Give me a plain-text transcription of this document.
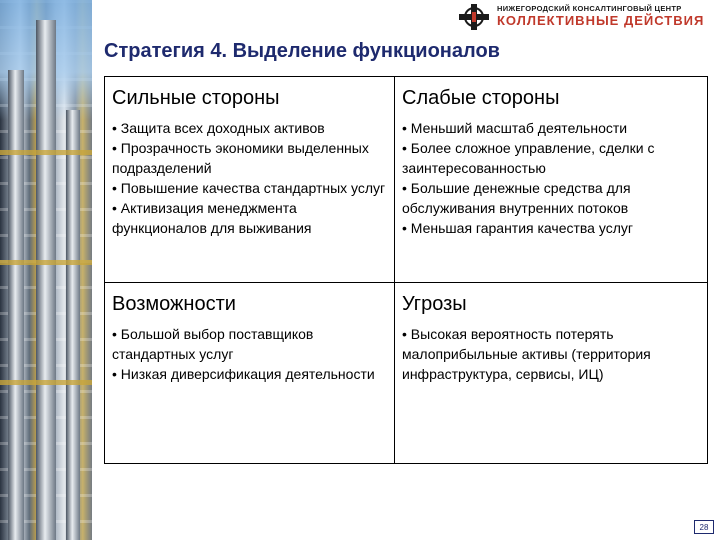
НИЖЕГОРОДСКИЙ КОНСАЛТИНГОВЫЙ ЦЕНТР
КОЛЛЕКТИВНЫЕ ДЕЙСТВИЯ
Стратегия 4. Выделение функционалов
Сильные стороны

• Защита всех доходных активов

• Прозрачность экономики выделенных подразделений

• Повышение качества стандартных услуг

• Активизация менеджмента функционалов для выживания

Слабые стороны

• Меньший масштаб деятельности

• Более сложное управление, сделки с заинтересованностью

• Большие денежные средства для обслуживания внутренних потоков

• Меньшая гарантия качества услуг

Возможности

• Большой выбор поставщиков стандартных услуг

• Низкая диверсификация деятельности

Угрозы

• Высокая вероятность потерять малоприбыльные активы (территория инфраструктура, сервисы, ИЦ)

28
